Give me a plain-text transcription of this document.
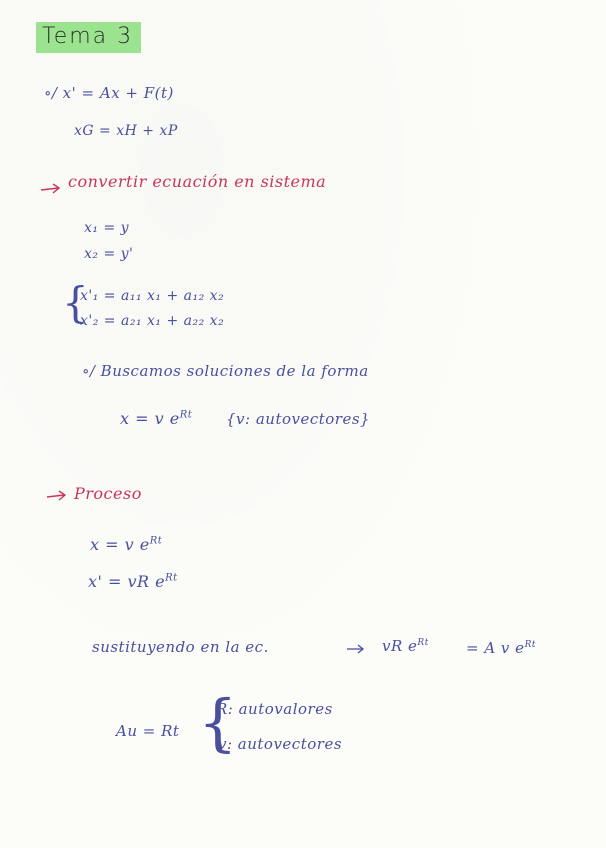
Tema 3
∘/ x' = Ax + F(t)
xG = xH + xP
convertir ecuación en sistema
x₁ = y
x₂ = y'
{
x'₁ = a₁₁ x₁ + a₁₂ x₂
x'₂ = a₂₁ x₁ + a₂₂ x₂
∘/ Buscamos soluciones de la forma
x = v $e^{Rt}$ {v: autovectores}
Proceso
x = v $e^{Rt}$
x' = vR $e^{Rt}$
sustituyendo en la ec.	vR $e^{Rt} = A$ v $e^{Rt}$
Au = Rt {
R: autovalores
v: autovectores
